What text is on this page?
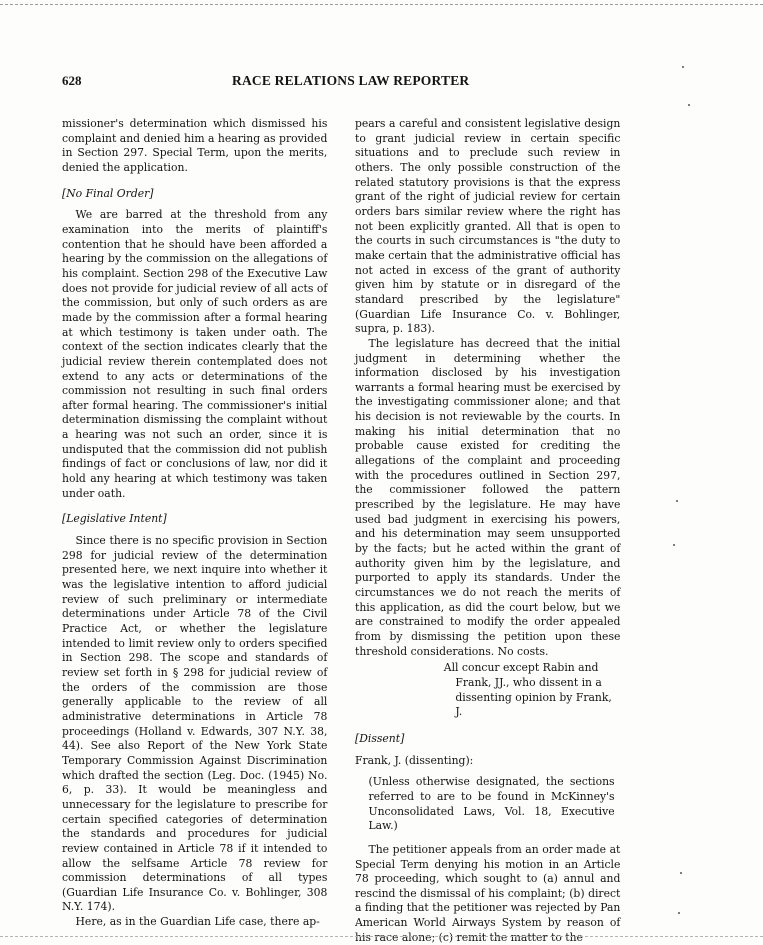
628	RACE RELATIONS LAW REPORTER

missioner's determination which dismissed his complaint and denied him a hearing as provided in Section 297. Special Term, upon the merits, denied the application.

[No Final Order]

We are barred at the threshold from any examination into the merits of plaintiff's contention that he should have been afforded a hearing by the commission on the allegations of his complaint. Section 298 of the Executive Law does not provide for judicial review of all acts of the commission, but only of such orders as are made by the commission after a formal hearing at which testimony is taken under oath. The context of the section indicates clearly that the judicial review therein contemplated does not extend to any acts or determinations of the commission not resulting in such final orders after formal hearing. The commissioner's initial determination dismissing the complaint without a hearing was not such an order, since it is undisputed that the commission did not publish findings of fact or conclusions of law, nor did it hold any hearing at which testimony was taken under oath.

[Legislative Intent]

Since there is no specific provision in Section 298 for judicial review of the determination presented here, we next inquire into whether it was the legislative intention to afford judicial review of such preliminary or intermediate determinations under Article 78 of the Civil Practice Act, or whether the legislature intended to limit review only to orders specified in Section 298. The scope and standards of review set forth in § 298 for judicial review of the orders of the commission are those generally applicable to the review of all administrative determinations in Article 78 proceedings (Holland v. Edwards, 307 N.Y. 38, 44). See also Report of the New York State Temporary Commission Against Discrimination which drafted the section (Leg. Doc. (1945) No. 6, p. 33). It would be meaningless and unnecessary for the legislature to prescribe for certain specified categories of determination the standards and procedures for judicial review contained in Article 78 if it intended to allow the selfsame Article 78 review for commission determinations of all types (Guardian Life Insurance Co. v. Bohlinger, 308 N.Y. 174).

Here, as in the Guardian Life case, there ap-

pears a careful and consistent legislative design to grant judicial review in certain specific situations and to preclude such review in others. The only possible construction of the related statutory provisions is that the express grant of the right of judicial review for certain orders bars similar review where the right has not been explicitly granted. All that is open to the courts in such circumstances is "the duty to make certain that the administrative official has not acted in excess of the grant of authority given him by statute or in disregard of the standard prescribed by the legislature" (Guardian Life Insurance Co. v. Bohlinger, supra, p. 183).

The legislature has decreed that the initial judgment in determining whether the information disclosed by his investigation warrants a formal hearing must be exercised by the investigating commissioner alone; and that his decision is not reviewable by the courts. In making his initial determination that no probable cause existed for crediting the allegations of the complaint and proceeding with the procedures outlined in Section 297, the commissioner followed the pattern prescribed by the legislature. He may have used bad judgment in exercising his powers, and his determination may seem unsupported by the facts; but he acted within the grant of authority given him by the legislature, and purported to apply its standards. Under the circumstances we do not reach the merits of this application, as did the court below, but we are constrained to modify the order appealed from by dismissing the petition upon these threshold considerations. No costs.

All concur except Rabin and
Frank, JJ., who dissent in a
dissenting opinion by Frank, J.

[Dissent]

Frank, J. (dissenting):

(Unless otherwise designated, the sections referred to are to be found in McKinney's Unconsolidated Laws, Vol. 18, Executive Law.)

The petitioner appeals from an order made at Special Term denying his motion in an Article 78 proceeding, which sought to (a) annul and rescind the dismissal of his complaint; (b) direct a finding that the petitioner was rejected by Pan American World Airways System by reason of his race alone; (c) remit the matter to the
